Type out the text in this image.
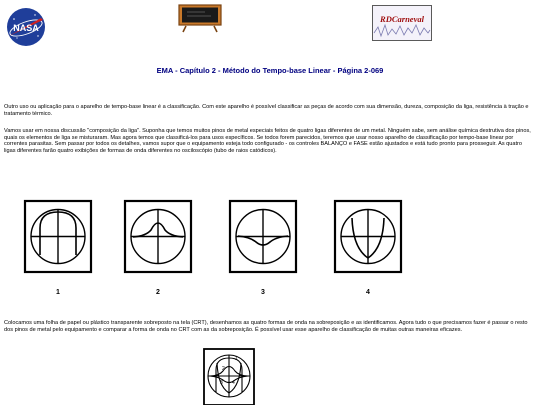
NASA
RDCarneval
EMA - Capítulo 2 - Método do Tempo-base Linear - Página 2-069
Outro uso ou aplicação para o aparelho de tempo-base linear é a classificação. Com este aparelho é possível classificar as peças de acordo com sua dimensão, dureza, composição da liga, resistência à tração e tratamento térmico.
Vamos usar em nossa discussão "composição da liga". Suponha que temos muitos pinos de metal especiais feitos de quatro ligas diferentes de um metal. Ninguém sabe, sem análise química destrutiva dos pinos, quais os elementos de liga se misturaram. Mas agora temos que classificá-los para usos específicos. Se todos forem parecidos, teremos que usar nosso aparelho de classificação por tempo-base linear por correntes parasitas. Sem passar por todos os detalhes, vamos supor que o equipamento esteja todo configurado - os controles BALANÇO e FASE estão ajustados e está tudo pronto para prosseguir. As quatro ligas diferentes farão quatro exibições de formas de onda diferentes no osciloscópio (tubo de raios catódicos).
1	2	3	4
Colocamos uma folha de papel ou plástico transparente sobreposto na tela (CRT), desenhamos as quatro formas de onda na sobreposição e as identificamos. Agora tudo o que precisamos fazer é passar o resto dos pinos de metal pelo equipamento e comparar a forma de onda no CRT com as da sobreposição. É possível usar esse aparelho de classificação de muitas outras maneiras eficazes.
1
2
3 4
